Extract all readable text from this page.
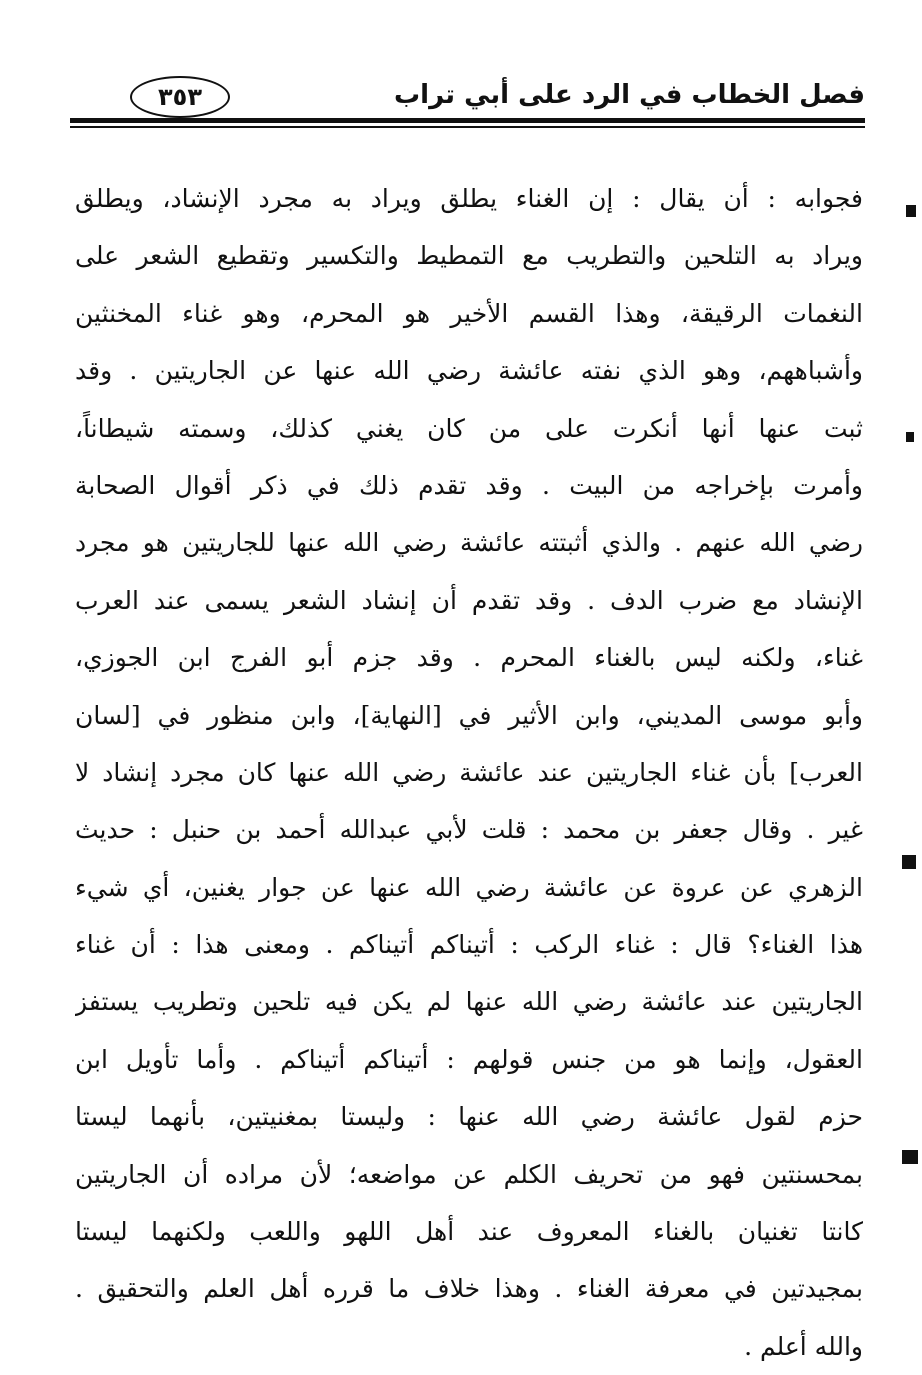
فصل الخطاب في الرد على أبي تراب
٣٥٣
فجوابه : أن يقال : إن الغناء يطلق ويراد به مجرد الإنشاد، ويطلق
ويراد به التلحين والتطريب مع التمطيط والتكسير وتقطيع الشعر على
النغمات الرقيقة، وهذا القسم الأخير هو المحرم، وهو غناء المخنثين
وأشباههم، وهو الذي نفته عائشة رضي الله عنها عن الجاريتين . وقد
ثبت عنها أنها أنكرت على من كان يغني كذلك، وسمته شيطاناً،
وأمرت بإخراجه من البيت . وقد تقدم ذلك في ذكر أقوال الصحابة
رضي الله عنهم . والذي أثبتته عائشة رضي الله عنها للجاريتين هو مجرد
الإنشاد مع ضرب الدف . وقد تقدم أن إنشاد الشعر يسمى عند العرب
غناء، ولكنه ليس بالغناء المحرم . وقد جزم أبو الفرج ابن الجوزي،
وأبو موسى المديني، وابن الأثير في [النهاية]، وابن منظور في [لسان
العرب] بأن غناء الجاريتين عند عائشة رضي الله عنها كان مجرد إنشاد لا
غير . وقال جعفر بن محمد : قلت لأبي عبدالله أحمد بن حنبل : حديث
الزهري عن عروة عن عائشة رضي الله عنها عن جوار يغنين، أي شيء
هذا الغناء؟ قال : غناء الركب : أتيناكم أتيناكم . ومعنى هذا : أن غناء
الجاريتين عند عائشة رضي الله عنها لم يكن فيه تلحين وتطريب يستفز
العقول، وإنما هو من جنس قولهم : أتيناكم أتيناكم . وأما تأويل ابن
حزم لقول عائشة رضي الله عنها : وليستا بمغنيتين، بأنهما ليستا
بمحسنتين فهو من تحريف الكلم عن مواضعه؛ لأن مراده أن الجاريتين
كانتا تغنيان بالغناء المعروف عند أهل اللهو واللعب ولكنهما ليستا
بمجيدتين في معرفة الغناء . وهذا خلاف ما قرره أهل العلم والتحقيق .
والله أعلم .
